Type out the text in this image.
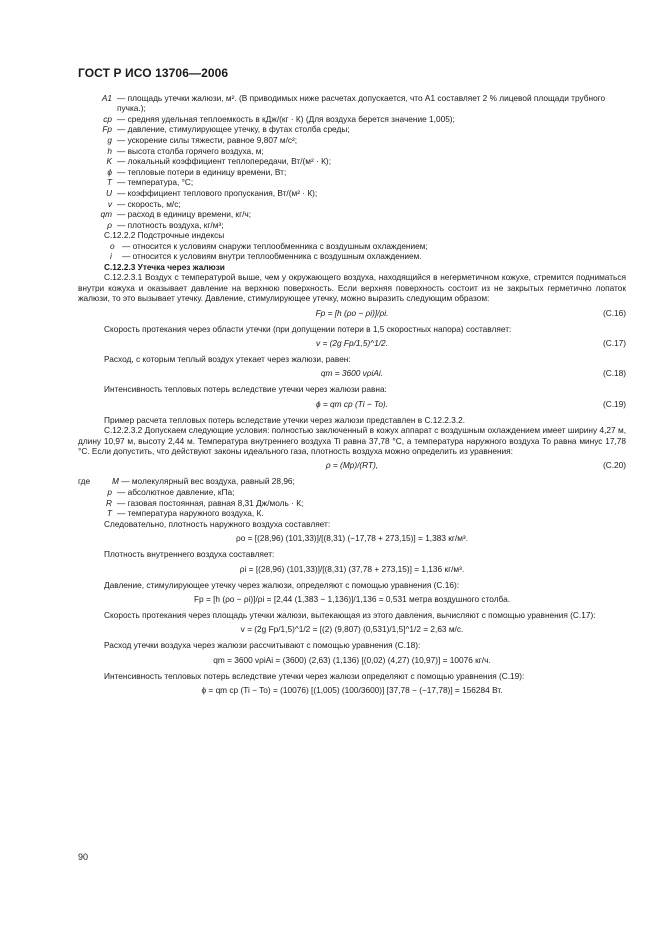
ГОСТ Р ИСО 13706—2006
A1 — площадь утечки жалюзи, м². (В приводимых ниже расчетах допускается, что A1 составляет 2 % лицевой площади трубного пучка.);
cp — средняя удельная теплоемкость в кДж/(кг · К) (Для воздуха берется значение 1,005);
Fp — давление, стимулирующее утечку, в футах столба среды;
g — ускорение силы тяжести, равное 9,807 м/с²;
h — высота столба горячего воздуха, м;
K — локальный коэффициент теплопередачи, Вт/(м² · К);
ϕ — тепловые потери в единицу времени, Вт;
T — температура, °С;
U — коэффициент теплового пропускания, Вт/(м² · К);
v — скорость, м/с;
qm — расход в единицу времени, кг/ч;
ρ — плотность воздуха, кг/м³;

С.12.2.2 Подстрочные индексы

o — относится к условиям снаружи теплообменника с воздушным охлаждением;
i — относится к условиям внутри теплообменника с воздушным охлаждением.

С.12.2.3 Утечка через жалюзи

С.12.2.3.1 Воздух с температурой выше, чем у окружающего воздуха, находящийся в негерметичном кожухе, стремится подниматься внутри кожуха и оказывает давление на верхнюю поверхность. Если верхняя поверхность состоит из не закрытых герметично лопаток жалюзи, то это вызывает утечку. Давление, стимулирующее утечку, можно выразить следующим образом:

Fp = [h (ρo − ρi)]/ρi.	(С.16)

Скорость протекания через области утечки (при допущении потери в 1,5 скоростных напора) составляет:

v = (2g Fp/1,5)^1/2.	(С.17)

Расход, с которым теплый воздух утекает через жалюзи, равен:

qm = 3600 vρiAi.	(С.18)

Интенсивность тепловых потерь вследствие утечки через жалюзи равна:

ϕ = qm cp (Ti − To).	(С.19)

Пример расчета тепловых потерь вследствие утечки через жалюзи представлен в С.12.2.3.2.

С.12.2.3.2 Допускаем следующие условия: полностью заключенный в кожух аппарат с воздушным охлаждением имеет ширину 4,27 м, длину 10,97 м, высоту 2,44 м. Температура внутреннего воздуха Ti равна 37,78 °С, а температура наружного воздуха To равна минус 17,78 °С. Если допустить, что действуют законы идеального газа, плотность воздуха можно определить из уравнения:

ρ = (Mp)/(RT),	(С.20)
где	M — молекулярный вес воздуха, равный 28,96;
p — абсолютное давление, кПа;
R — газовая постоянная, равная 8,31 Дж/моль · К;
T — температура наружного воздуха, К.

Следовательно, плотность наружного воздуха составляет:

ρo = [(28,96) (101,33)]/[(8,31) (−17,78 + 273,15)] = 1,383 кг/м³.

Плотность внутреннего воздуха составляет:

ρi = [(28,96) (101,33)]/[(8,31) (37,78 + 273,15)] = 1,136 кг/м³.

Давление, стимулирующее утечку через жалюзи, определяют с помощью уравнения (С.16):

Fp = [h (ρo − ρi)]/ρi = [2,44 (1,383 − 1,136)]/1,136 = 0,531 метра воздушного столба.

Скорость протекания через площадь утечки жалюзи, вытекающая из этого давления, вычисляют с помощью уравнения (С.17):

v = (2g Fp/1,5)^1/2 = [(2) (9,807) (0,531)/1,5]^1/2 = 2,63 м/с.

Расход утечки воздуха через жалюзи рассчитывают с помощью уравнения (С.18):

qm = 3600 vρiAi = (3600) (2,63) (1,136) [(0,02) (4,27) (10,97)] = 10076 кг/ч.

Интенсивность тепловых потерь вследствие утечки через жалюзи определяют с помощью уравнения (С.19):

ϕ = qm cp (Ti − To) = (10076) [(1,005) (100/3600)] [37,78 − (−17,78)] = 156284 Вт.
90
